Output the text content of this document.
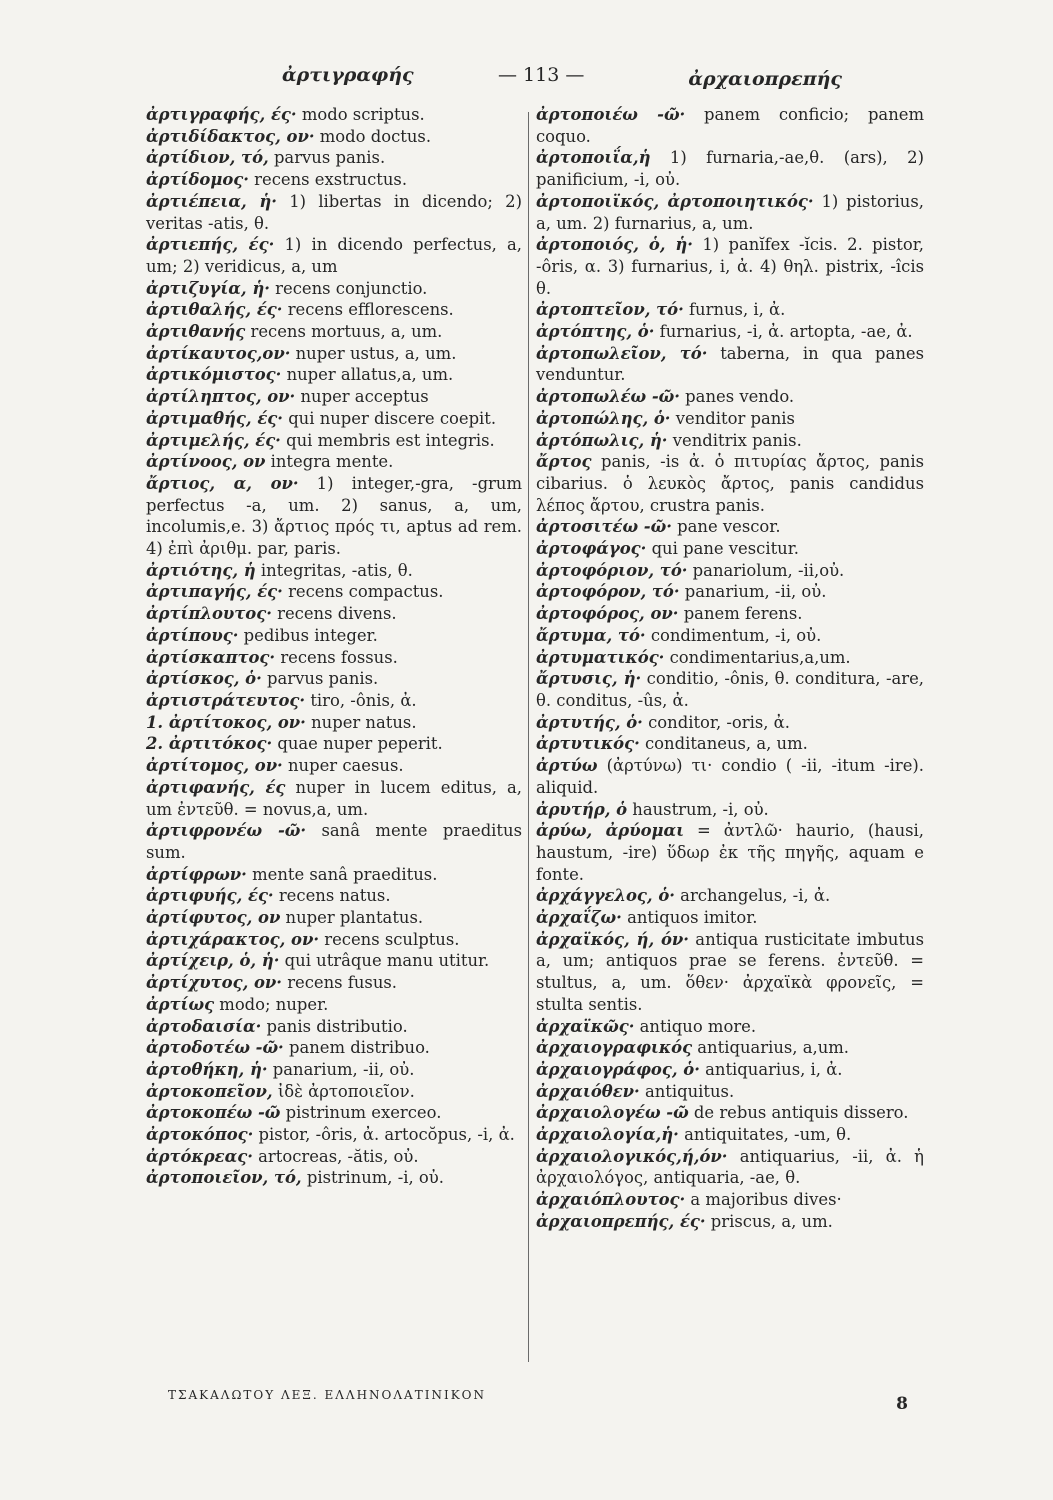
ἀρτιγραφής	— 113 —	ἀρχαιοπρεπής

ἀρτιγραφής, ές· modo scriptus.

ἀρτιδίδακτος, ον· modo doctus.

ἀρτίδιον, τό, parvus panis.

ἀρτίδομος· recens exstructus.

ἀρτιέπεια, ἡ· 1) libertas in dicendo; 2) veritas -atis, θ.

ἀρτιεπής, ές· 1) in dicendo perfectus, a, um; 2) veridicus, a, um

ἀρτιζυγία, ἡ· recens conjunctio.

ἀρτιθαλής, ές· recens efflorescens.

ἀρτιθανής recens mortuus, a, um.

ἀρτίκαυτος,ον· nuper ustus, a, um.

ἀρτικόμιστος· nuper allatus,a, um.

ἀρτίληπτος, ον· nuper acceptus

ἀρτιμαθής, ές· qui nuper discere coepit.

ἀρτιμελής, ές· qui membris est integris.

ἀρτίνοος, ον integra mente.

ἄρτιος, α, ον· 1) integer,-gra, -grum perfectus -a, um. 2) sanus, a, um, incolumis,e. 3) ἄρτιος πρός τι, aptus ad rem. 4) ἐπὶ ἀριθμ. par, paris.

ἀρτιότης, ἡ integritas, -atis, θ.

ἀρτιπαγής, ές· recens compactus.

ἀρτίπλουτος· recens divens.

ἀρτίπους· pedibus integer.

ἀρτίσκαπτος· recens fossus.

ἀρτίσκος, ὁ· parvus panis.

ἀρτιστράτευτος· tiro, -ônis, ἀ.

1. ἀρτίτοκος, ον· nuper natus.

2. ἀρτιτόκος· quae nuper peperit.

ἀρτίτομος, ον· nuper caesus.

ἀρτιφανής, ές nuper in lucem editus, a, um ἐντεῦθ. = novus,a, um.

ἀρτιφρονέω -ῶ· sanâ mente praeditus sum.

ἀρτίφρων· mente sanâ praeditus.

ἀρτιφυής, ές· recens natus.

ἀρτίφυτος, ον nuper plantatus.

ἀρτιχάρακτος, ον· recens sculptus.

ἀρτίχειρ, ὁ, ἡ· qui utrâque manu utitur.

ἀρτίχυτος, ον· recens fusus.

ἀρτίως modo; nuper.

ἀρτοδαισία· panis distributio.

ἀρτοδοτέω -ῶ· panem distribuo.

ἀρτοθήκη, ἡ· panarium, -ii, οὐ.

ἀρτοκοπεῖον, ἰδὲ ἀρτοποιεῖον.

ἀρτοκοπέω -ῶ pistrinum exerceo.

ἀρτοκόπος· pistor, -ôris, ἀ. artocŏpus, -i, ἀ.

ἀρτόκρεας· artocreas, -ătis, οὐ.

ἀρτοποιεῖον, τό, pistrinum, -i, οὐ.

ἀρτοποιέω -ῶ· panem conficio; panem coquo.

ἀρτοποιΐα,ἡ 1) furnaria,-ae,θ. (ars), 2) panificium, -i, οὐ.

ἀρτοποιϊκός, ἀρτοποιητικός· 1) pistorius, a, um. 2) furnarius, a, um.

ἀρτοποιός, ὁ, ἡ· 1) panĭfex -ĭcis. 2. pistor, -ôris, α. 3) furnarius, i, ἀ. 4) θηλ. pistrix, -îcis θ.

ἀρτοπτεῖον, τό· furnus, i, ἀ.

ἀρτόπτης, ὁ· furnarius, -i, ἀ. artopta, -ae, ἀ.

ἀρτοπωλεῖον, τό· taberna, in qua panes venduntur.

ἀρτοπωλέω -ῶ· panes vendo.

ἀρτοπώλης, ὁ· venditor panis

ἀρτόπωλις, ἡ· venditrix panis.

ἄρτος panis, -is ἀ. ὁ πιτυρίας ἄρτος, panis cibarius. ὁ λευκὸς ἄρτος, panis candidus λέπος ἄρτου, crustra panis.

ἀρτοσιτέω -ῶ· pane vescor.

ἀρτοφάγος· qui pane vescitur.

ἀρτοφόριον, τό· panariolum, -ii,οὐ.

ἀρτοφόρον, τό· panarium, -ii, οὐ.

ἀρτοφόρος, ον· panem ferens.

ἄρτυμα, τό· condimentum, -i, οὐ.

ἀρτυματικός· condimentarius,a,um.

ἄρτυσις, ἡ· conditio, -ônis, θ. conditura, -are, θ. conditus, -ûs, ἀ.

ἀρτυτής, ὁ· conditor, -oris, ἀ.

ἀρτυτικός· conditaneus, a, um.

ἀρτύω (ἀρτύνω) τι· condio ( -ii, -itum -ire). aliquid.

ἀρυτήρ, ὁ haustrum, -i, οὐ.

ἀρύω, ἀρύομαι = ἀντλῶ· haurio, (hausi, haustum, -ire) ὕδωρ ἐκ τῆς πηγῆς, aquam e fonte.

ἀρχάγγελος, ὁ· archangelus, -i, ἀ.

ἀρχαΐζω· antiquos imitor.

ἀρχαϊκός, ή, όν· antiqua rusticitate imbutus a, um; antiquos prae se ferens. ἐντεῦθ. = stultus, a, um. ὅθεν· ἀρχαϊκὰ φρονεῖς, = stulta sentis.

ἀρχαϊκῶς· antiquo more.

ἀρχαιογραφικός antiquarius, a,um.

ἀρχαιογράφος, ὁ· antiquarius, i, ἀ.

ἀρχαιόθεν· antiquitus.

ἀρχαιολογέω -ῶ de rebus antiquis dissero.

ἀρχαιολογία,ἡ· antiquitates, -um, θ.

ἀρχαιολογικός,ή,όν· antiquarius, -ii, ἀ. ἡ ἀρχαιολόγος, antiquaria, -ae, θ.

ἀρχαιόπλουτος· a majoribus dives·

ἀρχαιοπρεπής, ές· priscus, a, um.

ΤΣΑΚΑΛΩΤΟΥ ΛΕΞ. ΕΛΛΗΝΟΛΑΤΙΝΙΚΟΝ	8
